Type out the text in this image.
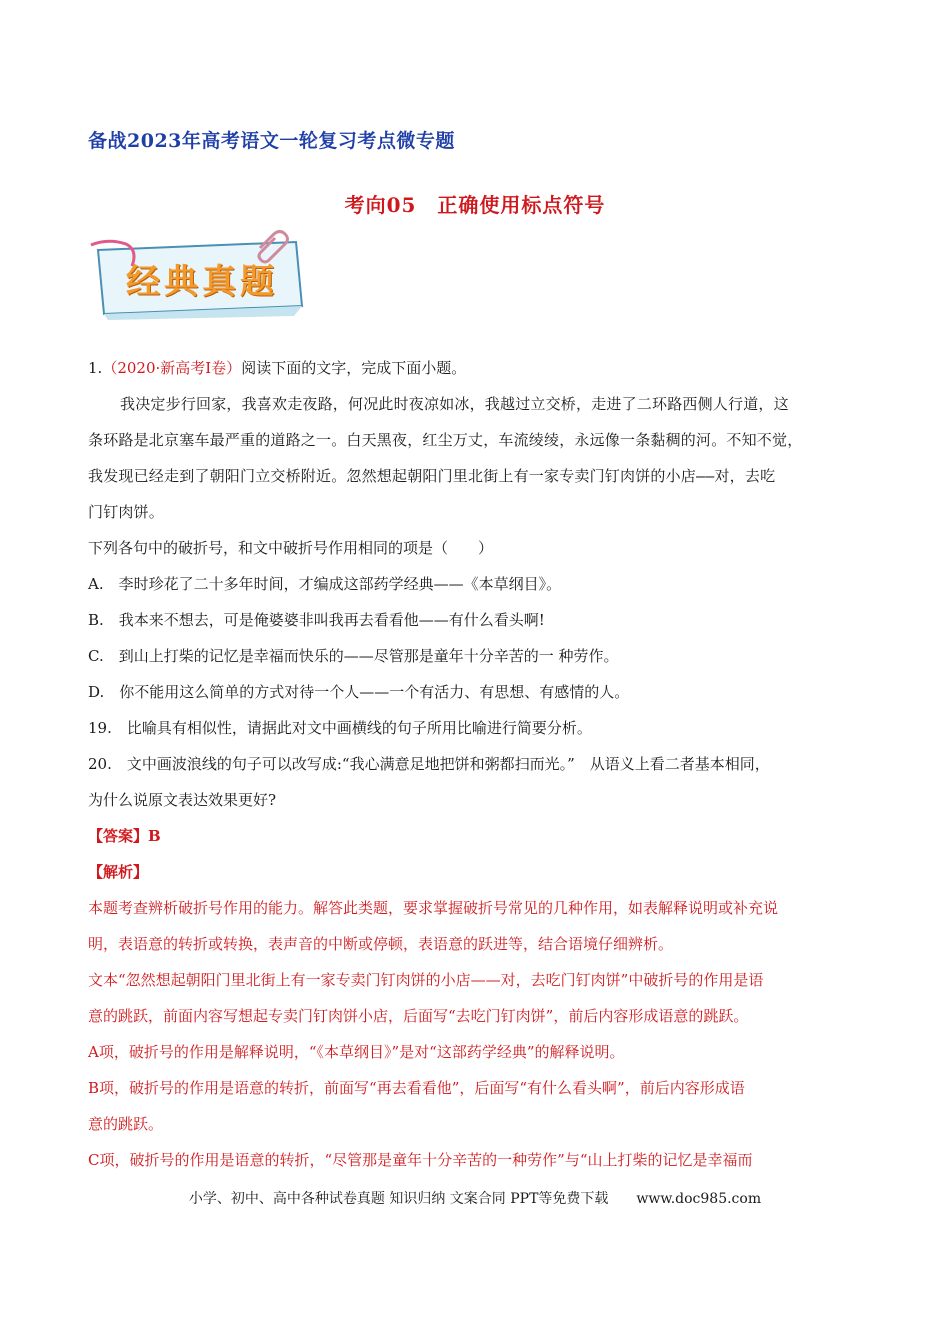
备战2023年高考语文一轮复习考点微专题
考向05　正确使用标点符号
经典真题
1.（2020·新高考Ⅰ卷）阅读下面的文字，完成下面小题。
我决定步行回家，我喜欢走夜路，何况此时夜凉如冰，我越过立交桥，走进了二环路西侧人行道，这
条环路是北京塞车最严重的道路之一。白天黑夜，红尘万丈，车流绫绫，永远像一条黏稠的河。不知不觉，
我发现已经走到了朝阳门立交桥附近。忽然想起朝阳门里北街上有一家专卖门钉肉饼的小店——对，去吃
门钉肉饼。
下列各句中的破折号，和文中破折号作用相同的项是（　　）
A.　李时珍花了二十多年时间，才编成这部药学经典——《本草纲目》。
B.　我本来不想去，可是俺婆婆非叫我再去看看他——有什么看头啊!
C.　到山上打柴的记忆是幸福而快乐的——尽管那是童年十分辛苦的一 种劳作。
D.　你不能用这么简单的方式对待一个人——一个有活力、有思想、有感情的人。
19.　比喻具有相似性，请据此对文中画横线的句子所用比喻进行简要分析。
20.　文中画波浪线的句子可以改写成:“我心满意足地把饼和粥都扫而光。”　从语义上看二者基本相同，
为什么说原文表达效果更好?
【答案】B
【解析】
本题考查辨析破折号作用的能力。解答此类题，要求掌握破折号常见的几种作用，如表解释说明或补充说
明，表语意的转折或转换，表声音的中断或停顿，表语意的跃进等，结合语境仔细辨析。
文本“忽然想起朝阳门里北街上有一家专卖门钉肉饼的小店——对，去吃门钉肉饼”中破折号的作用是语
意的跳跃，前面内容写想起专卖门钉肉饼小店，后面写“去吃门钉肉饼”，前后内容形成语意的跳跃。
A项，破折号的作用是解释说明，“《本草纲目》”是对“这部药学经典”的解释说明。
B项，破折号的作用是语意的转折，前面写“再去看看他”，后面写“有什么看头啊”，前后内容形成语
意的跳跃。
C项，破折号的作用是语意的转折，“尽管那是童年十分辛苦的一种劳作”与“山上打柴的记忆是幸福而
小学、初中、高中各种试卷真题 知识归纳 文案合同 PPT等免费下载　　www.doc985.com
